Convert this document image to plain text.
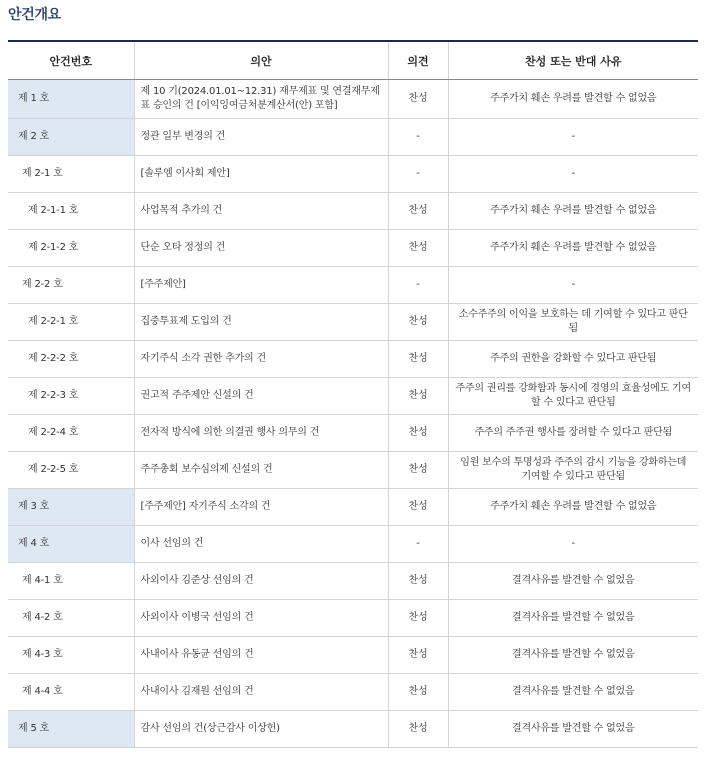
안건개요
안건번호	의안	의견	찬성 또는 반대 사유
제 1 호	제 10 기(2024.01.01~12.31) 재무제표 및 연결재무제표 승인의 건 [이익잉여금처분계산서(안) 포함]	찬성	주주가치 훼손 우려를 발견할 수 없었음
제 2 호	정관 일부 변경의 건	-	-
제 2-1 호	[솔루엠 이사회 제안]	-	-
제 2-1-1 호	사업목적 추가의 건	찬성	주주가치 훼손 우려를 발견할 수 없었음
제 2-1-2 호	단순 오타 정정의 건	찬성	주주가치 훼손 우려를 발견할 수 없었음
제 2-2 호	[주주제안]	-	-
제 2-2-1 호	집중투표제 도입의 건	찬성	소수주주의 이익을 보호하는 데 기여할 수 있다고 판단됨
제 2-2-2 호	자기주식 소각 권한 추가의 건	찬성	주주의 권한을 강화할 수 있다고 판단됨
제 2-2-3 호	권고적 주주제안 신설의 건	찬성	주주의 권리를 강화함과 동시에 경영의 효율성에도 기여할 수 있다고 판단됨
제 2-2-4 호	전자적 방식에 의한 의결권 행사 의무의 건	찬성	주주의 주주권 행사를 장려할 수 있다고 판단됨
제 2-2-5 호	주주총회 보수심의제 신설의 건	찬성	임원 보수의 투명성과 주주의 감시 기능을 강화하는데 기여할 수 있다고 판단됨
제 3 호	[주주제안] 자기주식 소각의 건	찬성	주주가치 훼손 우려를 발견할 수 없었음
제 4 호	이사 선임의 건	-	-
제 4-1 호	사외이사 김준상 선임의 건	찬성	결격사유를 발견할 수 없었음
제 4-2 호	사외이사 이병국 선임의 건	찬성	결격사유를 발견할 수 없었음
제 4-3 호	사내이사 유동균 선임의 건	찬성	결격사유를 발견할 수 없었음
제 4-4 호	사내이사 김재원 선임의 건	찬성	결격사유를 발견할 수 없었음
제 5 호	감사 선임의 건(상근감사 이상헌)	찬성	결격사유를 발견할 수 없었음
